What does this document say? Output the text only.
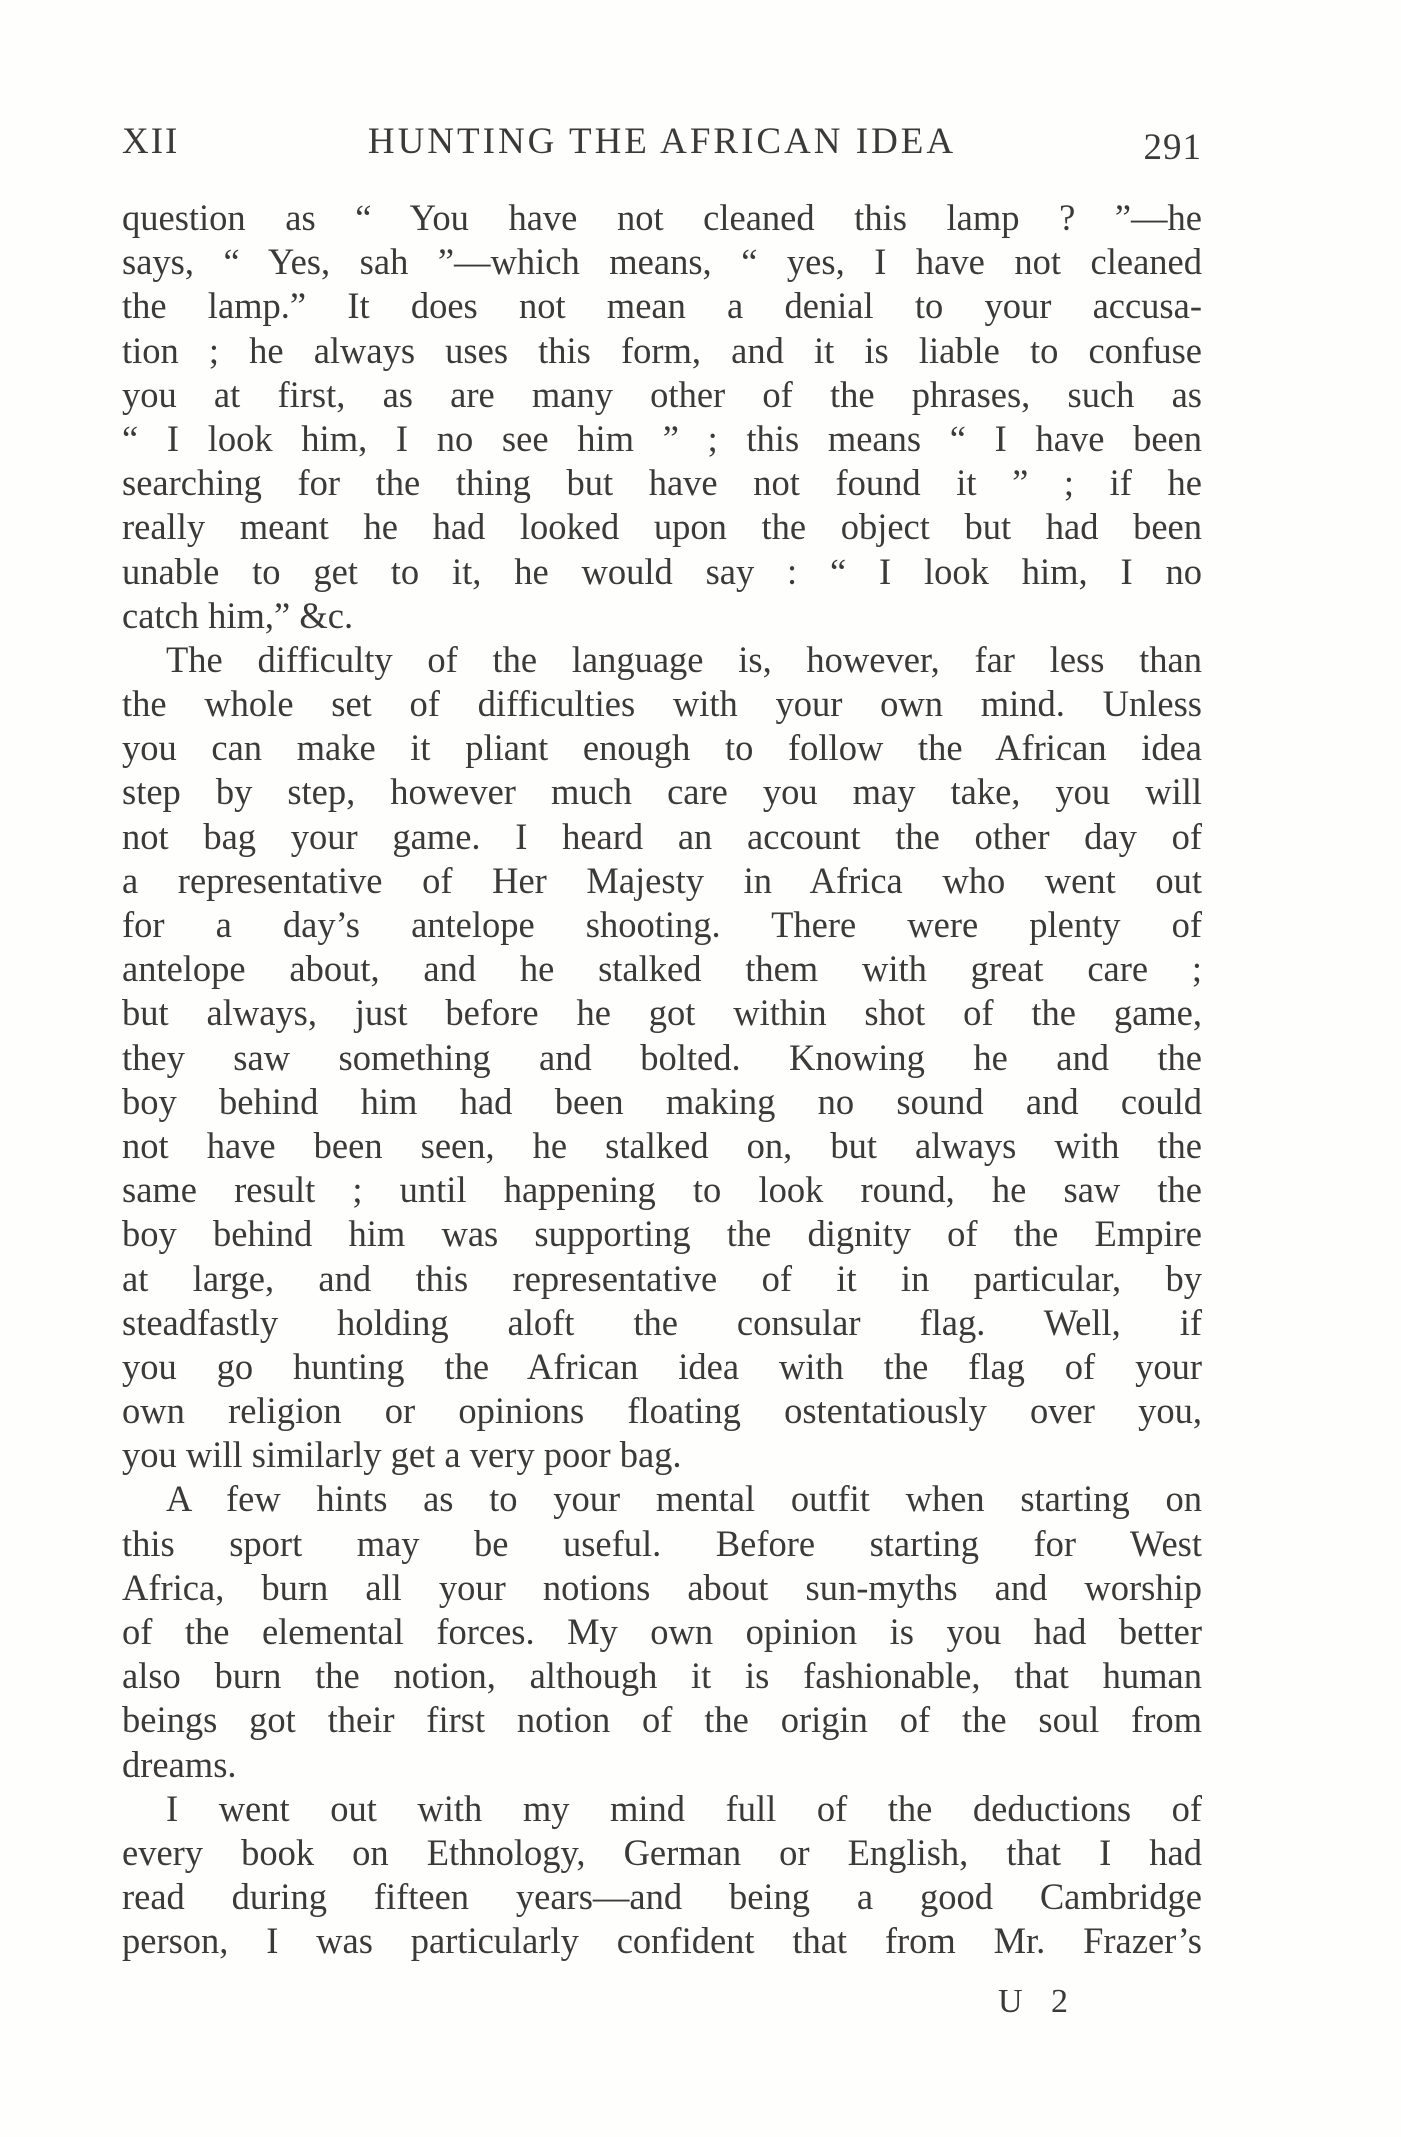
XII	HUNTING THE AFRICAN IDEA	291
question as “ You have not cleaned this lamp ? ”—he
says, “ Yes, sah ”—which means, “ yes, I have not cleaned
the lamp.” It does not mean a denial to your accusa-
tion ; he always uses this form, and it is liable to confuse
you at first, as are many other of the phrases, such as
“ I look him, I no see him ” ; this means “ I have been
searching for the thing but have not found it ” ; if he
really meant he had looked upon the object but had been
unable to get to it, he would say : “ I look him, I no
catch him,” &c.
The difficulty of the language is, however, far less than
the whole set of difficulties with your own mind. Unless
you can make it pliant enough to follow the African idea
step by step, however much care you may take, you will
not bag your game. I heard an account the other day of
a representative of Her Majesty in Africa who went out
for a day’s antelope shooting. There were plenty of
antelope about, and he stalked them with great care ;
but always, just before he got within shot of the game,
they saw something and bolted. Knowing he and the
boy behind him had been making no sound and could
not have been seen, he stalked on, but always with the
same result ; until happening to look round, he saw the
boy behind him was supporting the dignity of the Empire
at large, and this representative of it in particular, by
steadfastly holding aloft the consular flag. Well, if
you go hunting the African idea with the flag of your
own religion or opinions floating ostentatiously over you,
you will similarly get a very poor bag.
A few hints as to your mental outfit when starting on
this sport may be useful. Before starting for West
Africa, burn all your notions about sun-myths and worship
of the elemental forces. My own opinion is you had better
also burn the notion, although it is fashionable, that human
beings got their first notion of the origin of the soul from
dreams.
I went out with my mind full of the deductions of
every book on Ethnology, German or English, that I had
read during fifteen years—and being a good Cambridge
person, I was particularly confident that from Mr. Frazer’s
U 2
